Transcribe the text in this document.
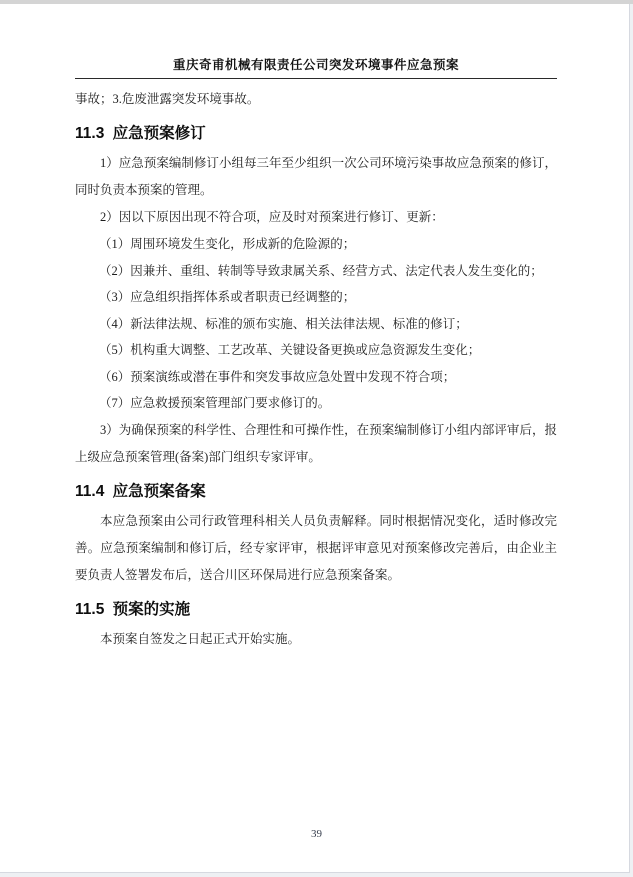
重庆奇甫机械有限责任公司突发环境事件应急预案

事故；3.危废泄露突发环境事故。

11.3 应急预案修订

1）应急预案编制修订小组每三年至少组织一次公司环境污染事故应急预案的修订，同时负责本预案的管理。

2）因以下原因出现不符合项，应及时对预案进行修订、更新：

（1）周围环境发生变化，形成新的危险源的；
（2）因兼并、重组、转制等导致隶属关系、经营方式、法定代表人发生变化的；
（3）应急组织指挥体系或者职责已经调整的；
（4）新法律法规、标准的颁布实施、相关法律法规、标准的修订；
（5）机构重大调整、工艺改革、关键设备更换或应急资源发生变化；
（6）预案演练或潜在事件和突发事故应急处置中发现不符合项；
（7）应急救援预案管理部门要求修订的。

3）为确保预案的科学性、合理性和可操作性，在预案编制修订小组内部评审后，报上级应急预案管理(备案)部门组织专家评审。

11.4 应急预案备案

本应急预案由公司行政管理科相关人员负责解释。同时根据情况变化，适时修改完善。应急预案编制和修订后，经专家评审，根据评审意见对预案修改完善后，由企业主要负责人签署发布后，送合川区环保局进行应急预案备案。

11.5 预案的实施

本预案自签发之日起正式开始实施。

39
